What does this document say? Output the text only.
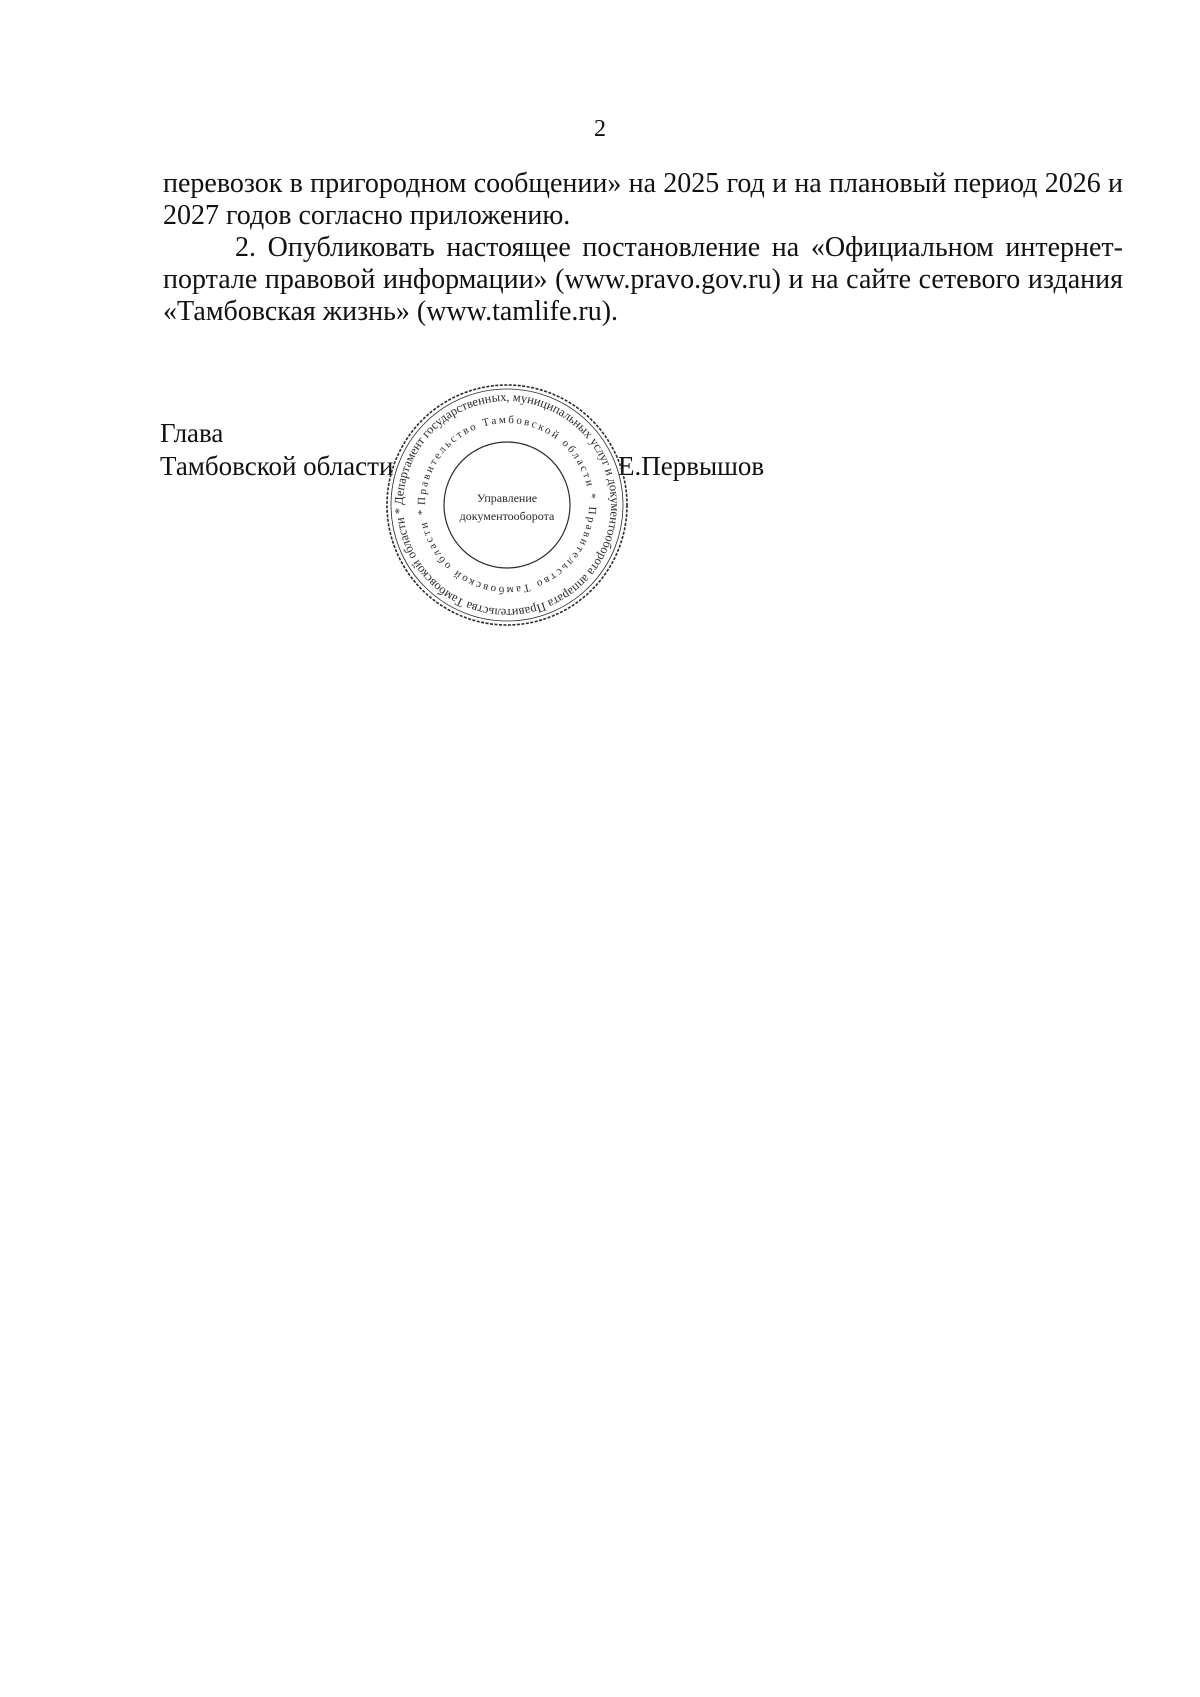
2

перевозок в пригородном сообщении» на 2025 год и на плановый период 2026 и 2027 годов согласно приложению.

2. Опубликовать настоящее постановление на «Официальном интернет-портале правовой информации» (www.pravo.gov.ru) и на сайте сетевого издания «Тамбовская жизнь» (www.tamlife.ru).

Глава
Тамбовской области	Е.Первышов
Департамент государственных, муниципальных услуг и документооборота аппарата Правительства Тамбовской области *
Правительство Тамбовской области * Правительство Тамбовской области *
Управление
документооборота
